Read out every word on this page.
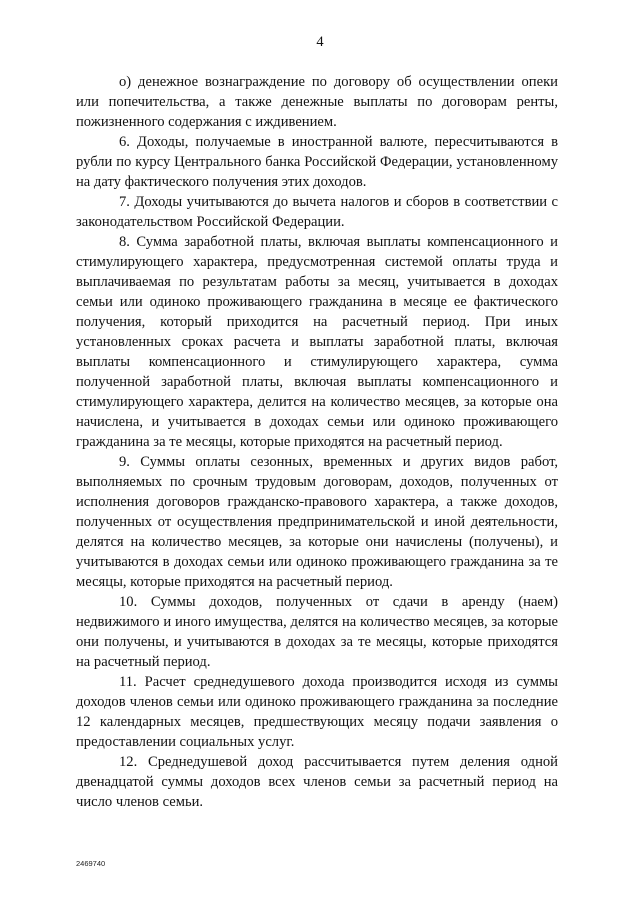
4

о) денежное вознаграждение по договору об осуществлении опеки или попечительства, а также денежные выплаты по договорам ренты, пожизненного содержания с иждивением.

6. Доходы, получаемые в иностранной валюте, пересчитываются в рубли по курсу Центрального банка Российской Федерации, установленному на дату фактического получения этих доходов.

7. Доходы учитываются до вычета налогов и сборов в соответствии с законодательством Российской Федерации.

8. Сумма заработной платы, включая выплаты компенсационного и стимулирующего характера, предусмотренная системой оплаты труда и выплачиваемая по результатам работы за месяц, учитывается в доходах семьи или одиноко проживающего гражданина в месяце ее фактического получения, который приходится на расчетный период. При иных установленных сроках расчета и выплаты заработной платы, включая выплаты компенсационного и стимулирующего характера, сумма полученной заработной платы, включая выплаты компенсационного и стимулирующего характера, делится на количество месяцев, за которые она начислена, и учитывается в доходах семьи или одиноко проживающего гражданина за те месяцы, которые приходятся на расчетный период.

9. Суммы оплаты сезонных, временных и других видов работ, выполняемых по срочным трудовым договорам, доходов, полученных от исполнения договоров гражданско-правового характера, а также доходов, полученных от осуществления предпринимательской и иной деятельности, делятся на количество месяцев, за которые они начислены (получены), и учитываются в доходах семьи или одиноко проживающего гражданина за те месяцы, которые приходятся на расчетный период.

10. Суммы доходов, полученных от сдачи в аренду (наем) недвижимого и иного имущества, делятся на количество месяцев, за которые они получены, и учитываются в доходах за те месяцы, которые приходятся на расчетный период.

11. Расчет среднедушевого дохода производится исходя из суммы доходов членов семьи или одиноко проживающего гражданина за последние 12 календарных месяцев, предшествующих месяцу подачи заявления о предоставлении социальных услуг.

12. Среднедушевой доход рассчитывается путем деления одной двенадцатой суммы доходов всех членов семьи за расчетный период на число членов семьи.

2469740
